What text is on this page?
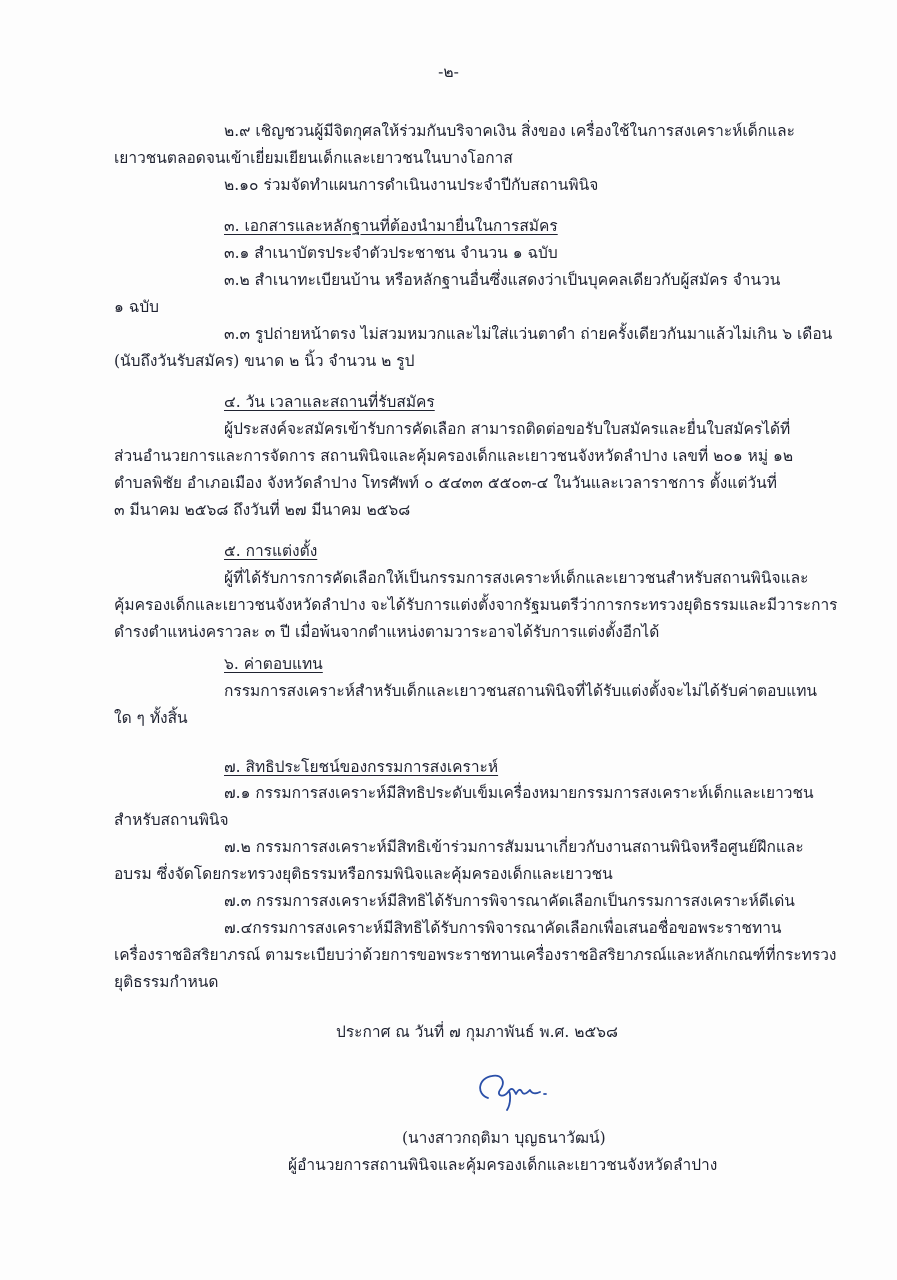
-๒-
๒.๙ เชิญชวนผู้มีจิตกุศลให้ร่วมกันบริจาคเงิน สิ่งของ เครื่องใช้ในการสงเคราะห์เด็กและ
เยาวชนตลอดจนเข้าเยี่ยมเยียนเด็กและเยาวชนในบางโอกาส
๒.๑๐ ร่วมจัดทำแผนการดำเนินงานประจำปีกับสถานพินิจ
๓. เอกสารและหลักฐานที่ต้องนำมายื่นในการสมัคร
๓.๑ สำเนาบัตรประจำตัวประชาชน จำนวน ๑ ฉบับ
๓.๒ สำเนาทะเบียนบ้าน หรือหลักฐานอื่นซึ่งแสดงว่าเป็นบุคคลเดียวกับผู้สมัคร จำนวน
๑ ฉบับ
๓.๓ รูปถ่ายหน้าตรง ไม่สวมหมวกและไม่ใส่แว่นตาดำ ถ่ายครั้งเดียวกันมาแล้วไม่เกิน ๖ เดือน
(นับถึงวันรับสมัคร) ขนาด ๒ นิ้ว จำนวน ๒ รูป
๔. วัน เวลาและสถานที่รับสมัคร
ผู้ประสงค์จะสมัครเข้ารับการคัดเลือก สามารถติดต่อขอรับใบสมัครและยื่นใบสมัครได้ที่
ส่วนอำนวยการและการจัดการ สถานพินิจและคุ้มครองเด็กและเยาวชนจังหวัดลำปาง เลขที่ ๒๐๑ หมู่ ๑๒
ตำบลพิชัย อำเภอเมือง จังหวัดลำปาง โทรศัพท์ ๐ ๕๔๓๓ ๕๕๐๓-๔ ในวันและเวลาราชการ ตั้งแต่วันที่
๓ มีนาคม ๒๕๖๘ ถึงวันที่ ๒๗ มีนาคม ๒๕๖๘
๕. การแต่งตั้ง
ผู้ที่ได้รับการการคัดเลือกให้เป็นกรรมการสงเคราะห์เด็กและเยาวชนสำหรับสถานพินิจและ
คุ้มครองเด็กและเยาวชนจังหวัดลำปาง จะได้รับการแต่งตั้งจากรัฐมนตรีว่าการกระทรวงยุติธรรมและมีวาระการ
ดำรงตำแหน่งคราวละ ๓ ปี เมื่อพ้นจากตำแหน่งตามวาระอาจได้รับการแต่งตั้งอีกได้
๖. ค่าตอบแทน
กรรมการสงเคราะห์สำหรับเด็กและเยาวชนสถานพินิจที่ได้รับแต่งตั้งจะไม่ได้รับค่าตอบแทน
ใด ๆ ทั้งสิ้น
๗. สิทธิประโยชน์ของกรรมการสงเคราะห์
๗.๑ กรรมการสงเคราะห์มีสิทธิประดับเข็มเครื่องหมายกรรมการสงเคราะห์เด็กและเยาวชน
สำหรับสถานพินิจ
๗.๒ กรรมการสงเคราะห์มีสิทธิเข้าร่วมการสัมมนาเกี่ยวกับงานสถานพินิจหรือศูนย์ฝึกและ
อบรม ซึ่งจัดโดยกระทรวงยุติธรรมหรือกรมพินิจและคุ้มครองเด็กและเยาวชน
๗.๓ กรรมการสงเคราะห์มีสิทธิได้รับการพิจารณาคัดเลือกเป็นกรรมการสงเคราะห์ดีเด่น
๗.๔กรรมการสงเคราะห์มีสิทธิได้รับการพิจารณาคัดเลือกเพื่อเสนอชื่อขอพระราชทาน
เครื่องราชอิสริยาภรณ์ ตามระเบียบว่าด้วยการขอพระราชทานเครื่องราชอิสริยาภรณ์และหลักเกณฑ์ที่กระทรวง
ยุติธรรมกำหนด
ประกาศ ณ วันที่ ๗ กุมภาพันธ์ พ.ศ. ๒๕๖๘
(นางสาวกฤติมา บุญธนาวัฒน์)
ผู้อำนวยการสถานพินิจและคุ้มครองเด็กและเยาวชนจังหวัดลำปาง
